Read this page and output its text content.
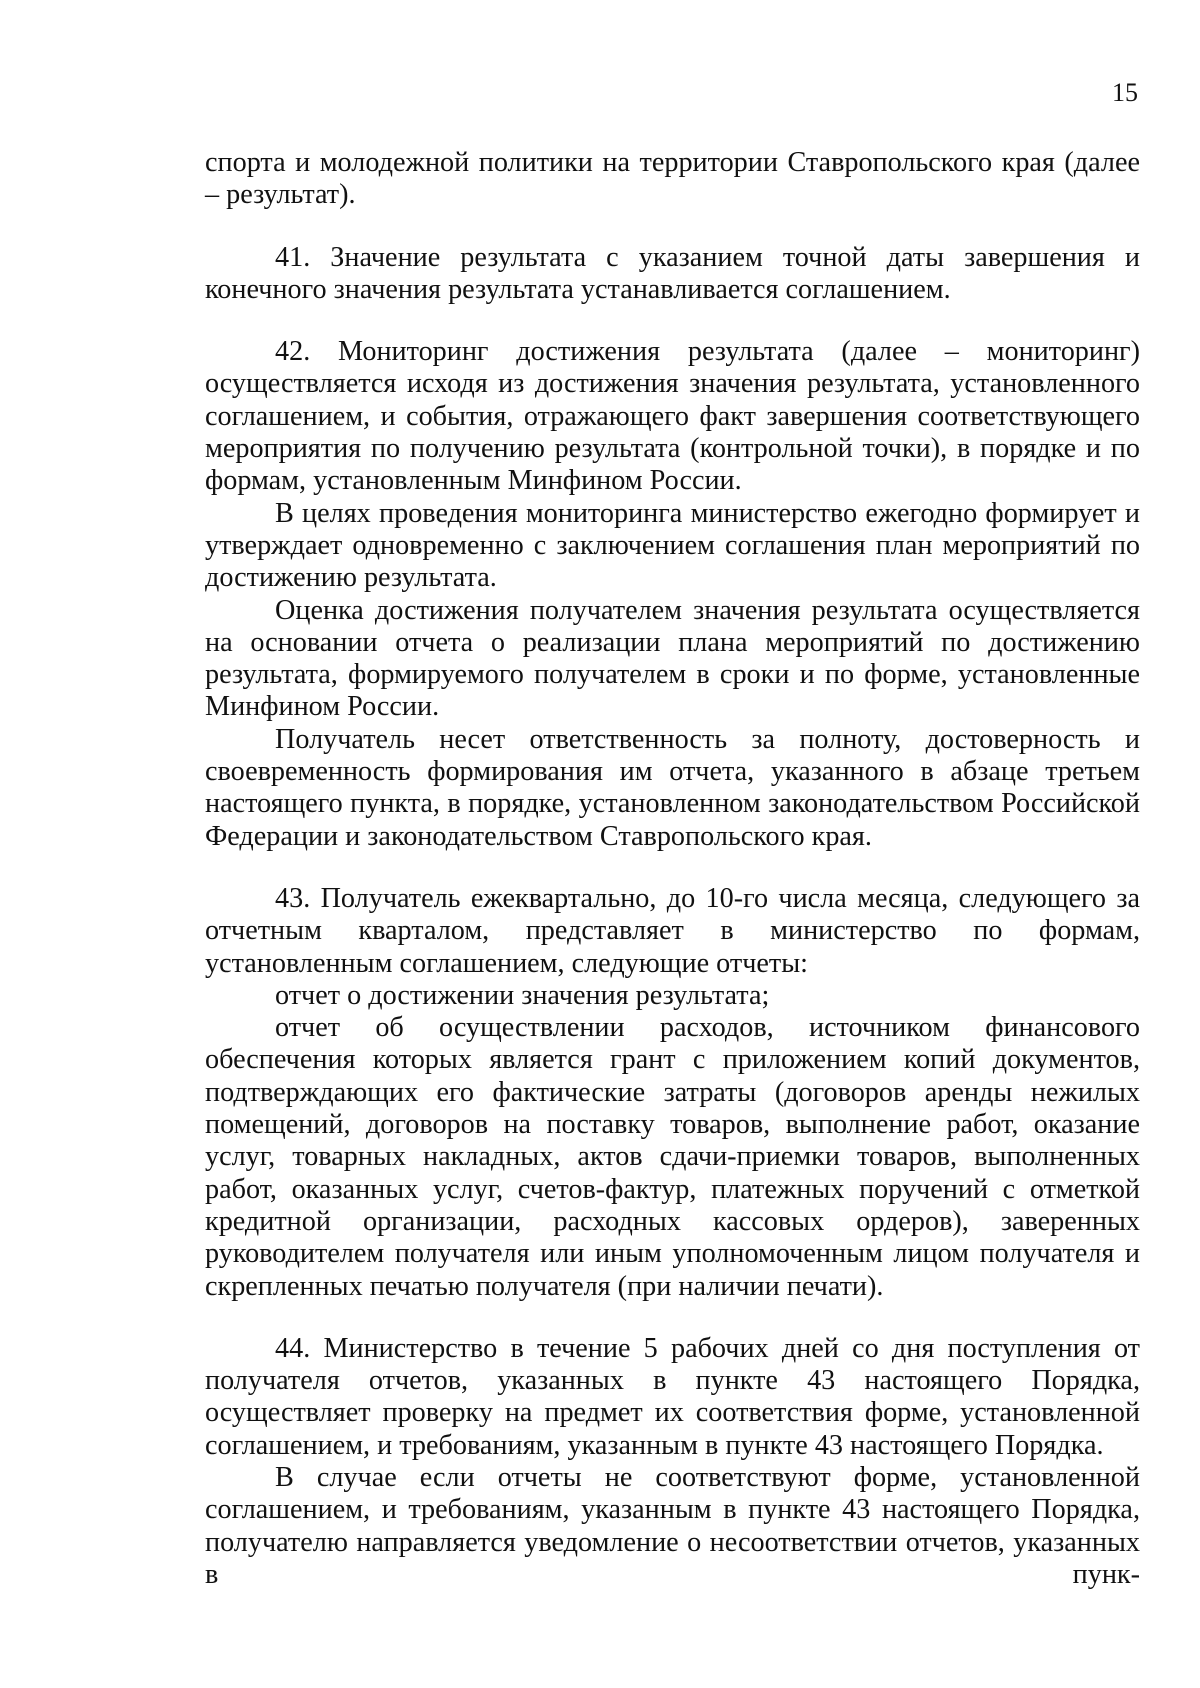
15

спорта и молодежной политики на территории Ставропольского края (далее – результат).

41. Значение результата с указанием точной даты завершения и конечного значения результата устанавливается соглашением.

42. Мониторинг достижения результата (далее – мониторинг) осуществляется исходя из достижения значения результата, установленного соглашением, и события, отражающего факт завершения соответствующего мероприятия по получению результата (контрольной точки), в порядке и по формам, установленным Минфином России.

В целях проведения мониторинга министерство ежегодно формирует и утверждает одновременно с заключением соглашения план мероприятий по достижению результата.

Оценка достижения получателем значения результата осуществляется на основании отчета о реализации плана мероприятий по достижению результата, формируемого получателем в сроки и по форме, установленные Минфином России.

Получатель несет ответственность за полноту, достоверность и своевременность формирования им отчета, указанного в абзаце третьем настоящего пункта, в порядке, установленном законодательством Российской Федерации и законодательством Ставропольского края.

43. Получатель ежеквартально, до 10-го числа месяца, следующего за отчетным кварталом, представляет в министерство по формам, установленным соглашением, следующие отчеты:

отчет о достижении значения результата;

отчет об осуществлении расходов, источником финансового обеспечения которых является грант с приложением копий документов, подтверждающих его фактические затраты (договоров аренды нежилых помещений, договоров на поставку товаров, выполнение работ, оказание услуг, товарных накладных, актов сдачи-приемки товаров, выполненных работ, оказанных услуг, счетов-фактур, платежных поручений с отметкой кредитной организации, расходных кассовых ордеров), заверенных руководителем получателя или иным уполномоченным лицом получателя и скрепленных печатью получателя (при наличии печати).

44. Министерство в течение 5 рабочих дней со дня поступления от получателя отчетов, указанных в пункте 43 настоящего Порядка, осуществляет проверку на предмет их соответствия форме, установленной соглашением, и требованиям, указанным в пункте 43 настоящего Порядка.

В случае если отчеты не соответствуют форме, установленной соглашением, и требованиям, указанным в пункте 43 настоящего Порядка, получателю направляется уведомление о несоответствии отчетов, указанных в пунк-
